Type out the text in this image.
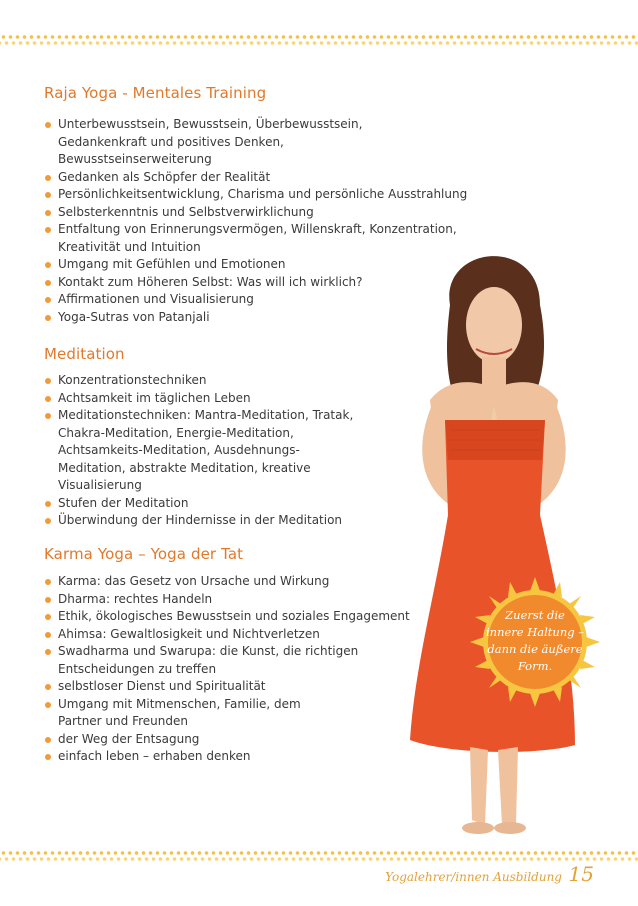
Raja Yoga - Mentales Training
Unterbewusstsein, Bewusstsein, Überbewusstsein, Gedankenkraft und positives Denken, Bewusstseinserweiterung
Gedanken als Schöpfer der Realität
Persönlichkeitsentwicklung, Charisma und persönliche Ausstrahlung
Selbsterkenntnis und Selbstverwirklichung
Entfaltung von Erinnerungsvermögen, Willenskraft, Konzentration, Kreativität und Intuition
Umgang mit Gefühlen und Emotionen
Kontakt zum Höheren Selbst: Was will ich wirklich?
Affirmationen und Visualisierung
Yoga-Sutras von Patanjali
Meditation
Konzentrationstechniken
Achtsamkeit im täglichen Leben
Meditationstechniken: Mantra-Meditation, Tratak, Chakra-Meditation, Energie-Meditation, Achtsamkeits-Meditation, Ausdehnungs-Meditation, abstrakte Meditation, kreative Visualisierung
Stufen der Meditation
Überwindung der Hindernisse in der Meditation
Karma Yoga – Yoga der Tat
Karma: das Gesetz von Ursache und Wirkung
Dharma: rechtes Handeln
Ethik, ökologisches Bewusstsein und soziales Engagement
Ahimsa: Gewaltlosigkeit und Nichtverletzen
Swadharma und Swarupa: die Kunst, die richtigen Entscheidungen zu treffen
selbstloser Dienst und Spiritualität
Umgang mit Mitmenschen, Familie, dem Partner und Freunden
der Weg der Entsagung
einfach leben – erhaben denken
Zuerst die
innere Haltung –
dann die äußere
Form.
Yogalehrer/innen Ausbildung 15
